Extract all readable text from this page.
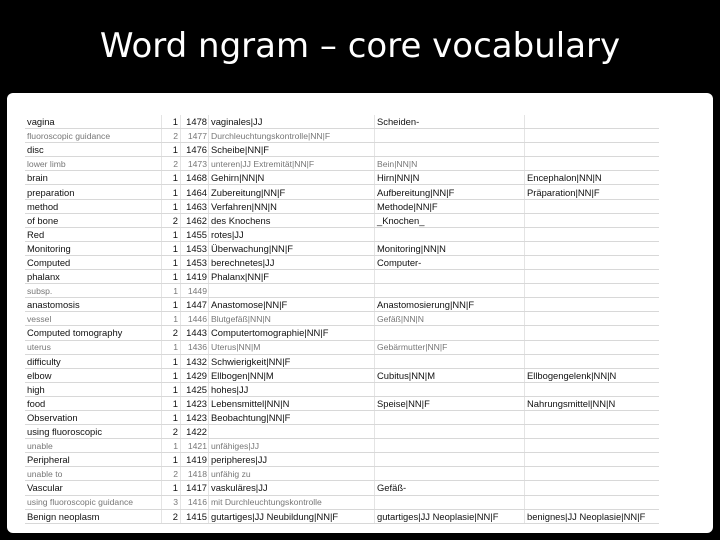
Word ngram – core vocabulary
vagina	1	1478	vaginales|JJ	Scheiden-	
fluoroscopic guidance	2	1477	Durchleuchtungskontrolle|NN|F		
disc	1	1476	Scheibe|NN|F		
lower limb	2	1473	unteren|JJ Extremität|NN|F	Bein|NN|N	
brain	1	1468	Gehirn|NN|N	Hirn|NN|N	Encephalon|NN|N
preparation	1	1464	Zubereitung|NN|F	Aufbereitung|NN|F	Präparation|NN|F
method	1	1463	Verfahren|NN|N	Methode|NN|F	
of bone	2	1462	des Knochens	_Knochen_	
Red	1	1455	rotes|JJ		
Monitoring	1	1453	Überwachung|NN|F	Monitoring|NN|N	
Computed	1	1453	berechnetes|JJ	Computer-	
phalanx	1	1419	Phalanx|NN|F		
subsp.	1	1449			
anastomosis	1	1447	Anastomose|NN|F	Anastomosierung|NN|F	
vessel	1	1446	Blutgefäß|NN|N	Gefäß|NN|N	
Computed tomography	2	1443	Computertomographie|NN|F		
uterus	1	1436	Uterus|NN|M	Gebärmutter|NN|F	
difficulty	1	1432	Schwierigkeit|NN|F		
elbow	1	1429	Ellbogen|NN|M	Cubitus|NN|M	Ellbogengelenk|NN|N
high	1	1425	hohes|JJ		
food	1	1423	Lebensmittel|NN|N	Speise|NN|F	Nahrungsmittel|NN|N
Observation	1	1423	Beobachtung|NN|F		
using fluoroscopic	2	1422			
unable	1	1421	unfähiges|JJ		
Peripheral	1	1419	peripheres|JJ		
unable to	2	1418	unfähig zu		
Vascular	1	1417	vaskuläres|JJ	Gefäß-	
using fluoroscopic guidance	3	1416	mit Durchleuchtungskontrolle		
Benign neoplasm	2	1415	gutartiges|JJ Neubildung|NN|F	gutartiges|JJ Neoplasie|NN|F	benignes|JJ Neoplasie|NN|F
